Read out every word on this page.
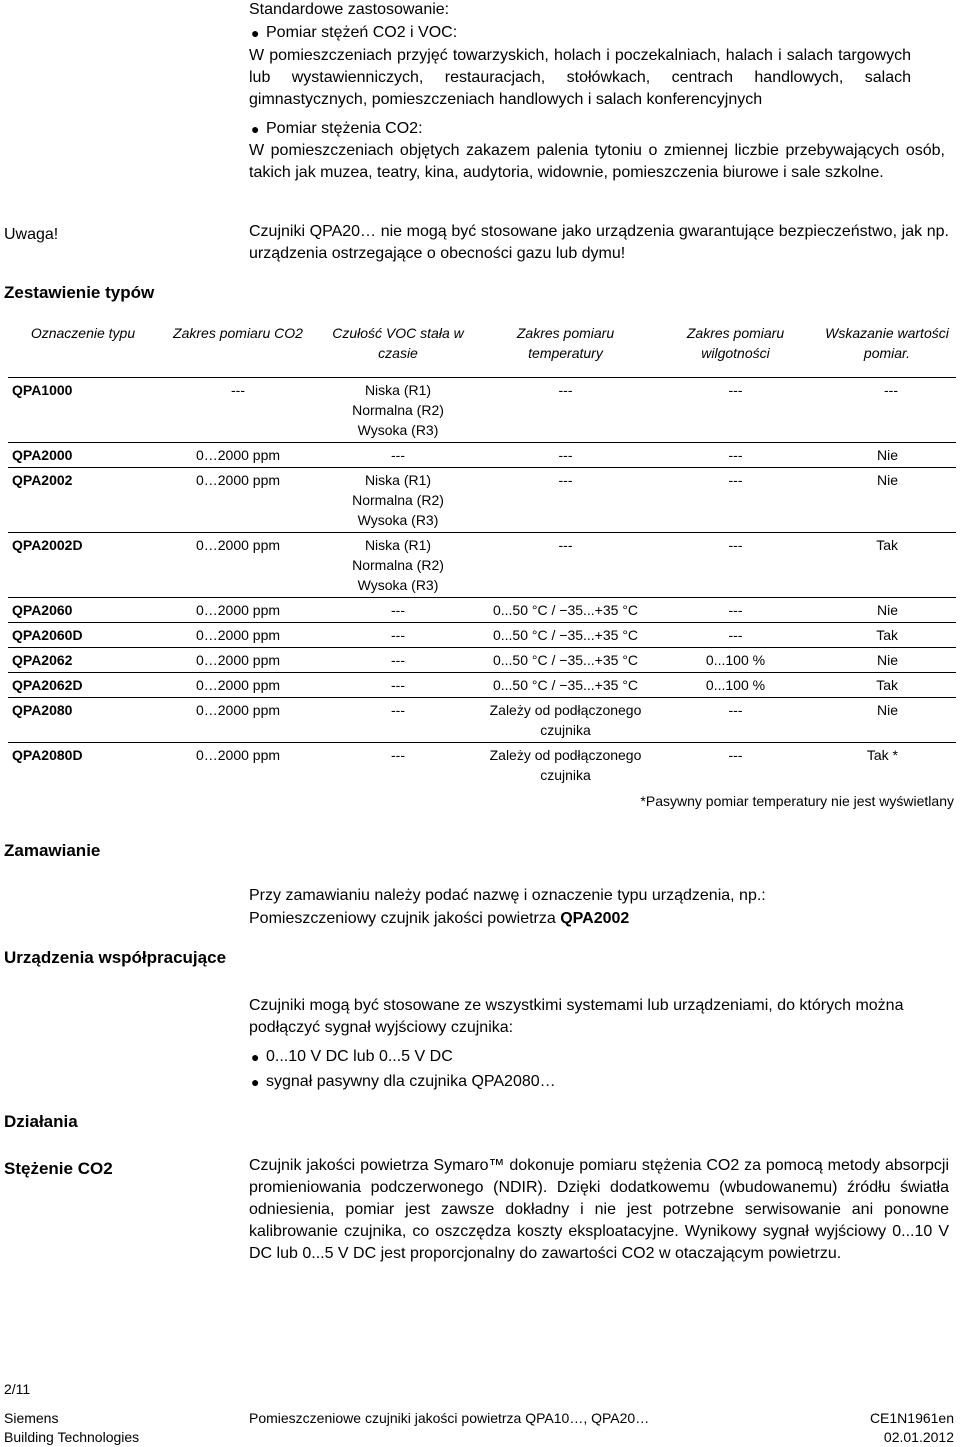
Standardowe zastosowanie:
● Pomiar stężeń CO2 i VOC:
W pomieszczeniach przyjęć towarzyskich, holach i poczekalniach, halach i salach targowych lub wystawienniczych, restauracjach, stołówkach, centrach handlowych, salach gimnastycznych, pomieszczeniach handlowych i salach konferencyjnych
● Pomiar stężenia CO2:
W pomieszczeniach objętych zakazem palenia tytoniu o zmiennej liczbie przebywających osób, takich jak muzea, teatry, kina, audytoria, widownie, pomieszczenia biurowe i sale szkolne.
Uwaga!	Czujniki QPA20… nie mogą być stosowane jako urządzenia gwarantujące bezpieczeństwo, jak np. urządzenia ostrzegające o obecności gazu lub dymu!
Zestawienie typów
Oznaczenie typu	Zakres pomiaru CO2	Czułość VOC stała w czasie	Zakres pomiaru temperatury	Zakres pomiaru wilgotności	Wskazanie wartości pomiar.
QPA1000	---	Niska (R1)
Normalna (R2)
Wysoka (R3)	---	---	---
QPA2000	0…2000 ppm	---	---	---	Nie
QPA2002	0…2000 ppm	Niska (R1)
Normalna (R2)
Wysoka (R3)	---	---	Nie
QPA2002D	0…2000 ppm	Niska (R1)
Normalna (R2)
Wysoka (R3)	---	---	Tak
QPA2060	0…2000 ppm	---	0...50 °C / −35...+35 °C	---	Nie
QPA2060D	0…2000 ppm	---	0...50 °C / −35...+35 °C	---	Tak
QPA2062	0…2000 ppm	---	0...50 °C / −35...+35 °C	0...100 %	Nie
QPA2062D	0…2000 ppm	---	0...50 °C / −35...+35 °C	0...100 %	Tak
QPA2080	0…2000 ppm	---	Zależy od podłączonego
czujnika	---	Nie
QPA2080D	0…2000 ppm	---	Zależy od podłączonego
czujnika	---	Tak *
*Pasywny pomiar temperatury nie jest wyświetlany
Zamawianie
Przy zamawianiu należy podać nazwę i oznaczenie typu urządzenia, np.:
Pomieszczeniowy czujnik jakości powietrza QPA2002
Urządzenia współpracujące
Czujniki mogą być stosowane ze wszystkimi systemami lub urządzeniami, do których można podłączyć sygnał wyjściowy czujnika:
● 0...10 V DC lub 0...5 V DC
● sygnał pasywny dla czujnika QPA2080…
Działania
Stężenie CO2	Czujnik jakości powietrza Symaro™ dokonuje pomiaru stężenia CO2 za pomocą metody absorpcji promieniowania podczerwonego (NDIR). Dzięki dodatkowemu (wbudowanemu) źródłu światła odniesienia, pomiar jest zawsze dokładny i nie jest potrzebne serwisowanie ani ponowne kalibrowanie czujnika, co oszczędza koszty eksploatacyjne. Wynikowy sygnał wyjściowy 0...10 V DC lub 0...5 V DC jest proporcjonalny do zawartości CO2 w otaczającym powietrzu.
2/11
Siemens
Building Technologies
Pomieszczeniowe czujniki jakości powietrza QPA10…, QPA20…	CE1N1961en
02.01.2012
